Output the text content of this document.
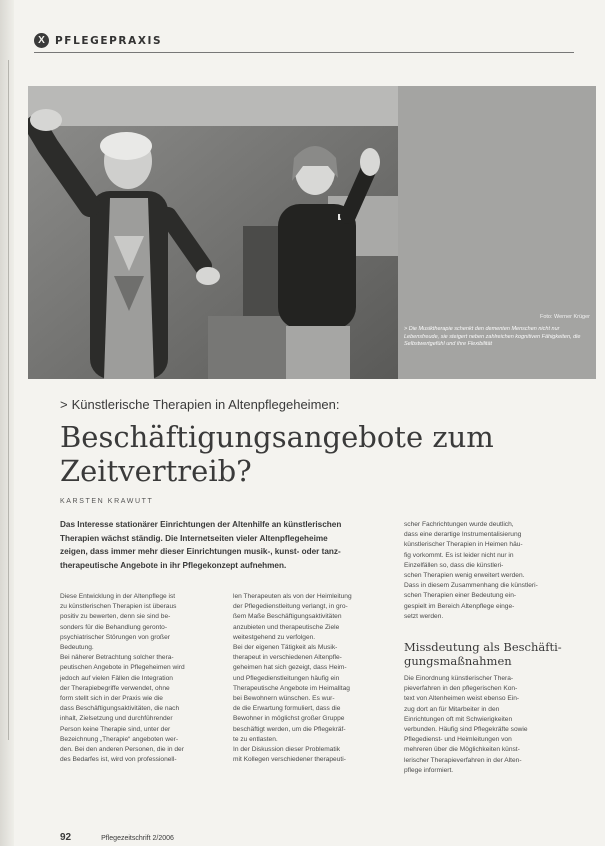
X PFLEGEPRAXIS
Foto: Werner Krüger
> Die Musiktherapie schenkt den dementen Menschen nicht nur Lebensfreude, sie steigert neben zahlreichen kognitiven Fähigkeiten, die Selbstwertgefühl und ihre Flexibilität
> Künstlerische Therapien in Altenpflegeheimen:
Beschäftigungsangebote zum
Zeitvertreib?
KARSTEN KRAWUTT
Das Interesse stationärer Einrichtungen der Altenhilfe an künstlerischen
Therapien wächst ständig. Die Internetseiten vieler Altenpflegeheime
zeigen, dass immer mehr dieser Einrichtungen musik-, kunst- oder tanz-
therapeutische Angebote in ihr Pflegekonzept aufnehmen.
Diese Entwicklung in der Altenpflege ist
zu künstlerischen Therapien ist überaus
positiv zu bewerten, denn sie sind be-
sonders für die Behandlung geronto-
psychiatrischer Störungen von großer
Bedeutung.
Bei näherer Betrachtung solcher thera-
peutischen Angebote in Pflegeheimen wird
jedoch auf vielen Fällen die Integration
der Therapiebegriffe verwendet, ohne
form stellt sich in der Praxis wie die
dass Beschäftigungsaktivitäten, die nach
inhalt, Zielsetzung und durchführender
Person keine Therapie sind, unter der
Bezeichnung „Therapie“ angeboten wer-
den. Bei den anderen Personen, die in der
des Bedarfes ist, wird von professionell-
len Therapeuten als von der Heimleitung
der Pflegedienstleitung verlangt, in gro-
ßem Maße Beschäftigungsaktivitäten
anzubieten und therapeutische Ziele
weitestgehend zu verfolgen.
Bei der eigenen Tätigkeit als Musik-
therapeut in verschiedenen Altenpfle-
geheimen hat sich gezeigt, dass Heim-
und Pflegedienstleitungen häufig ein
Therapeutische Angebote im Heimalltag
bei Bewohnern wünschen. Es wur-
de die Erwartung formuliert, dass die
Bewohner in möglichst großer Gruppe
beschäftigt werden, um die Pflegekräf-
te zu entlasten.
In der Diskussion dieser Problematik
mit Kollegen verschiedener therapeuti-
scher Fachrichtungen wurde deutlich,
dass eine derartige Instrumentalisierung
künstlerischer Therapien in Heimen häu-
fig vorkommt. Es ist leider nicht nur in
Einzelfällen so, dass die künstleri-
schen Therapien wenig erweitert werden.
Dass in diesem Zusammenhang die künstleri-
schen Therapien einer Bedeutung ein-
gespielt im Bereich Altenpflege einge-
setzt werden.
Missdeutung als Beschäftigungsmaßnahmen
Die Einordnung künstlerischer Thera-
pieverfahren in den pflegerischen Kon-
text von Altenheimen weist ebenso Ein-
zug dort an für Mitarbeiter in den
Einrichtungen oft mit Schwierigkeiten
verbunden. Häufig sind Pflegekräfte sowie
Pflegedienst- und Heimleitungen von
mehreren über die Möglichkeiten künst-
lerischer Therapieverfahren in der Alten-
pflege informiert.
92	Pflegezeitschrift 2/2006
